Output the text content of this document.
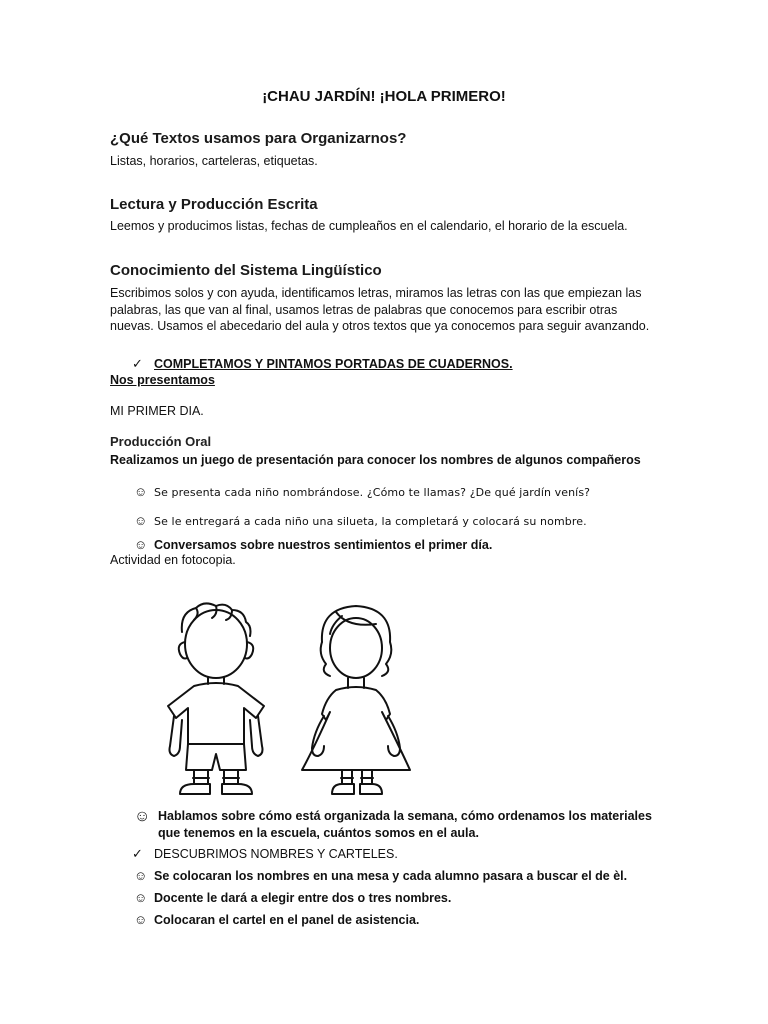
¡CHAU JARDÍN! ¡HOLA PRIMERO!
¿Qué Textos usamos para Organizarnos?
Listas, horarios, carteleras, etiquetas.
Lectura y Producción Escrita
Leemos y producimos listas, fechas de cumpleaños en el calendario, el horario de la escuela.
Conocimiento del Sistema Lingüístico
Escribimos solos y con ayuda, identificamos letras, miramos las letras con las que empiezan las palabras, las que van al final, usamos letras de palabras que conocemos para escribir otras nuevas. Usamos el abecedario del aula y otros textos que ya conocemos para seguir avanzando.
✓ COMPLETAMOS Y PINTAMOS PORTADAS DE CUADERNOS.
Nos presentamos
MI PRIMER DIA.
Producción Oral
Realizamos un juego de presentación para conocer los nombres de algunos compañeros
☺ Se presenta cada niño nombrándose. ¿Cómo te llamas? ¿De qué jardín venís?
☺ Se le entregará a cada niño una silueta, la completará y colocará su nombre.
☺ Conversamos sobre nuestros sentimientos el primer día.
Actividad en fotocopia.
☺ Hablamos sobre cómo está organizada la semana, cómo ordenamos los materiales que tenemos en la escuela, cuántos somos en el aula.
✓ DESCUBRIMOS NOMBRES Y CARTELES.
☺ Se colocaran los nombres en una mesa y cada alumno pasara a buscar el de èl.
☺ Docente le dará a elegir entre dos o tres nombres.
☺ Colocaran el cartel en el panel de asistencia.
